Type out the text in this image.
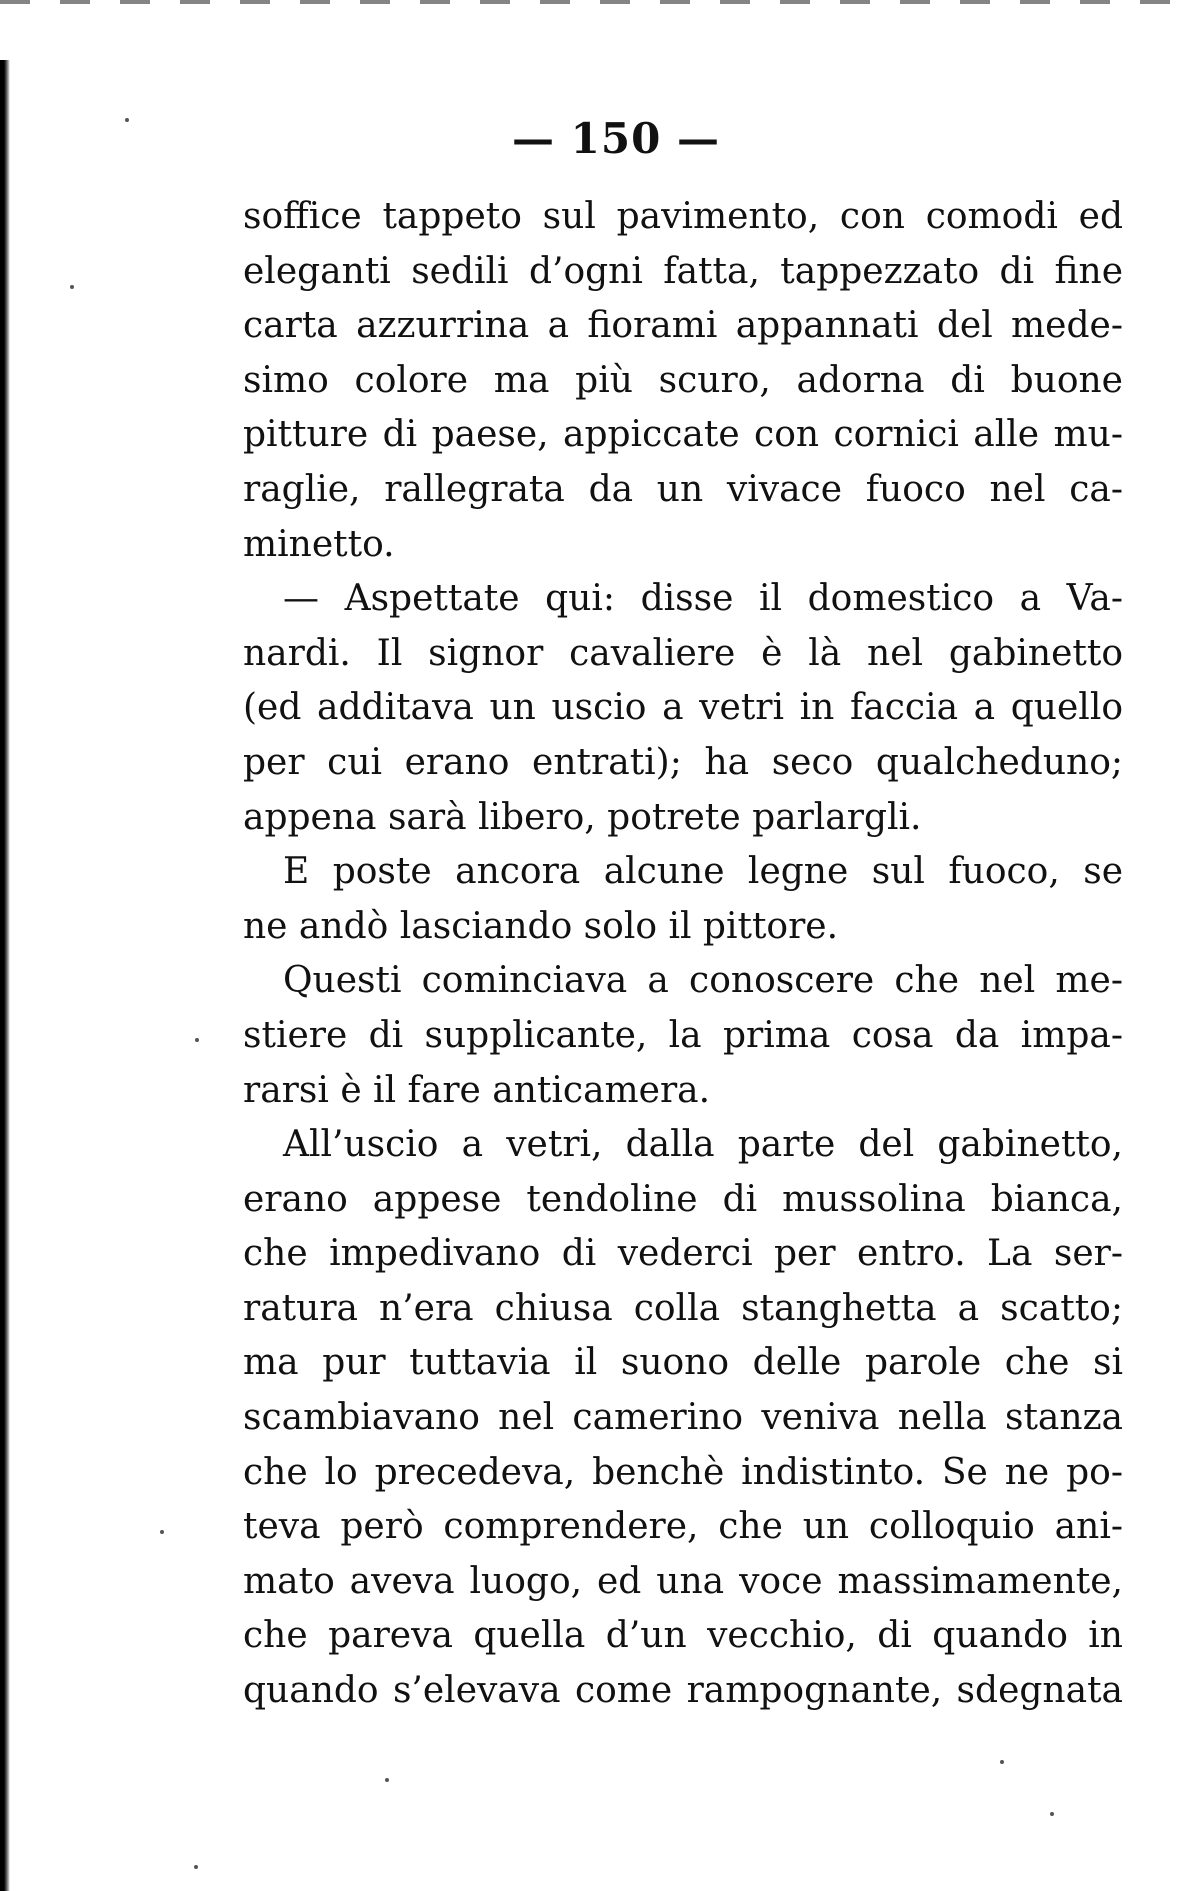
— 150 —
soffice tappeto sul pavimento, con comodi ed
eleganti sedili d’ogni fatta, tappezzato di fine
carta azzurrina a fiorami appannati del mede-
simo colore ma più scuro, adorna di buone
pitture di paese, appiccate con cornici alle mu-
raglie, rallegrata da un vivace fuoco nel ca-
minetto.
— Aspettate qui: disse il domestico a Va-
nardi. Il signor cavaliere è là nel gabinetto
(ed additava un uscio a vetri in faccia a quello
per cui erano entrati); ha seco qualcheduno;
appena sarà libero, potrete parlargli.
E poste ancora alcune legne sul fuoco, se
ne andò lasciando solo il pittore.
Questi cominciava a conoscere che nel me-
stiere di supplicante, la prima cosa da impa-
rarsi è il fare anticamera.
All’uscio a vetri, dalla parte del gabinetto,
erano appese tendoline di mussolina bianca,
che impedivano di vederci per entro. La ser-
ratura n’era chiusa colla stanghetta a scatto;
ma pur tuttavia il suono delle parole che si
scambiavano nel camerino veniva nella stanza
che lo precedeva, benchè indistinto. Se ne po-
teva però comprendere, che un colloquio ani-
mato aveva luogo, ed una voce massimamente,
che pareva quella d’un vecchio, di quando in
quando s’elevava come rampognante, sdegnata
